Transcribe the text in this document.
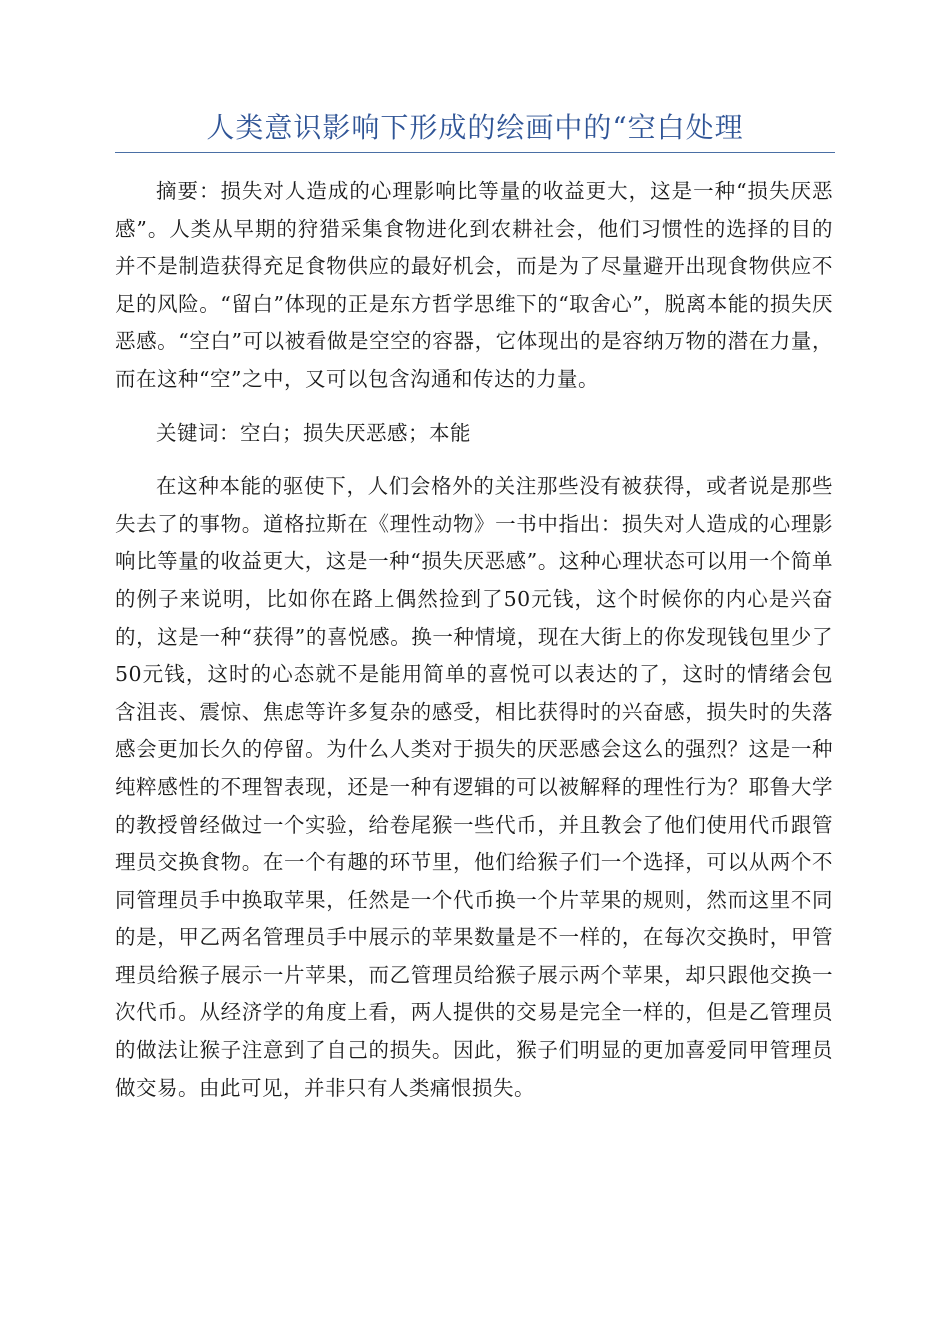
人类意识影响下形成的绘画中的“空白处理

摘要：损失对人造成的心理影响比等量的收益更大，这是一种“损失厌恶感”。人类从早期的狩猎采集食物进化到农耕社会，他们习惯性的选择的目的并不是制造获得充足食物供应的最好机会，而是为了尽量避开出现食物供应不足的风险。“留白”体现的正是东方哲学思维下的“取舍心”，脱离本能的损失厌恶感。“空白”可以被看做是空空的容器，它体现出的是容纳万物的潜在力量，而在这种“空”之中，又可以包含沟通和传达的力量。

关键词：空白；损失厌恶感；本能

在这种本能的驱使下，人们会格外的关注那些没有被获得，或者说是那些失去了的事物。道格拉斯在《理性动物》一书中指出：损失对人造成的心理影响比等量的收益更大，这是一种“损失厌恶感”。这种心理状态可以用一个简单的例子来说明，比如你在路上偶然捡到了50元钱，这个时候你的内心是兴奋的，这是一种“获得”的喜悦感。换一种情境，现在大街上的你发现钱包里少了50元钱，这时的心态就不是能用简单的喜悦可以表达的了，这时的情绪会包含沮丧、震惊、焦虑等许多复杂的感受，相比获得时的兴奋感，损失时的失落感会更加长久的停留。为什么人类对于损失的厌恶感会这么的强烈？这是一种纯粹感性的不理智表现，还是一种有逻辑的可以被解释的理性行为？耶鲁大学的教授曾经做过一个实验，给卷尾猴一些代币，并且教会了他们使用代币跟管理员交换食物。在一个有趣的环节里，他们给猴子们一个选择，可以从两个不同管理员手中换取苹果，任然是一个代币换一个片苹果的规则，然而这里不同的是，甲乙两名管理员手中展示的苹果数量是不一样的，在每次交换时，甲管理员给猴子展示一片苹果，而乙管理员给猴子展示两个苹果，却只跟他交换一次代币。从经济学的角度上看，两人提供的交易是完全一样的，但是乙管理员的做法让猴子注意到了自己的损失。因此，猴子们明显的更加喜爱同甲管理员做交易。由此可见，并非只有人类痛恨损失。
